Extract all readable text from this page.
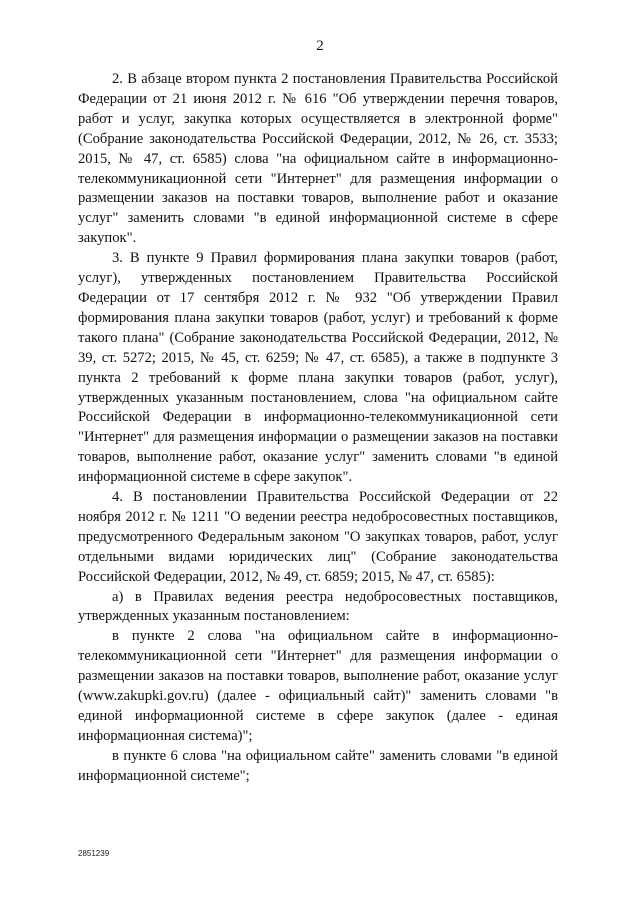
2

2. В абзаце втором пункта 2 постановления Правительства Российской Федерации от 21 июня 2012 г. № 616 "Об утверждении перечня товаров, работ и услуг, закупка которых осуществляется в электронной форме" (Собрание законодательства Российской Федерации, 2012, № 26, ст. 3533; 2015, № 47, ст. 6585) слова "на официальном сайте в информационно-телекоммуникационной сети "Интернет" для размещения информации о размещении заказов на поставки товаров, выполнение работ и оказание услуг" заменить словами "в единой информационной системе в сфере закупок".

3. В пункте 9 Правил формирования плана закупки товаров (работ, услуг), утвержденных постановлением Правительства Российской Федерации от 17 сентября 2012 г. № 932 "Об утверждении Правил формирования плана закупки товаров (работ, услуг) и требований к форме такого плана" (Собрание законодательства Российской Федерации, 2012, № 39, ст. 5272; 2015, № 45, ст. 6259; № 47, ст. 6585), а также в подпункте 3 пункта 2 требований к форме плана закупки товаров (работ, услуг), утвержденных указанным постановлением, слова "на официальном сайте Российской Федерации в информационно-телекоммуникационной сети "Интернет" для размещения информации о размещении заказов на поставки товаров, выполнение работ, оказание услуг" заменить словами "в единой информационной системе в сфере закупок".

4. В постановлении Правительства Российской Федерации от 22 ноября 2012 г. № 1211 "О ведении реестра недобросовестных поставщиков, предусмотренного Федеральным законом "О закупках товаров, работ, услуг отдельными видами юридических лиц" (Собрание законодательства Российской Федерации, 2012, № 49, ст. 6859; 2015, № 47, ст. 6585):

а) в Правилах ведения реестра недобросовестных поставщиков, утвержденных указанным постановлением:

в пункте 2 слова "на официальном сайте в информационно-телекоммуникационной сети "Интернет" для размещения информации о размещении заказов на поставки товаров, выполнение работ, оказание услуг (www.zakupki.gov.ru) (далее - официальный сайт)" заменить словами "в единой информационной системе в сфере закупок (далее - единая информационная система)";

в пункте 6 слова "на официальном сайте" заменить словами "в единой информационной системе";

2851239
